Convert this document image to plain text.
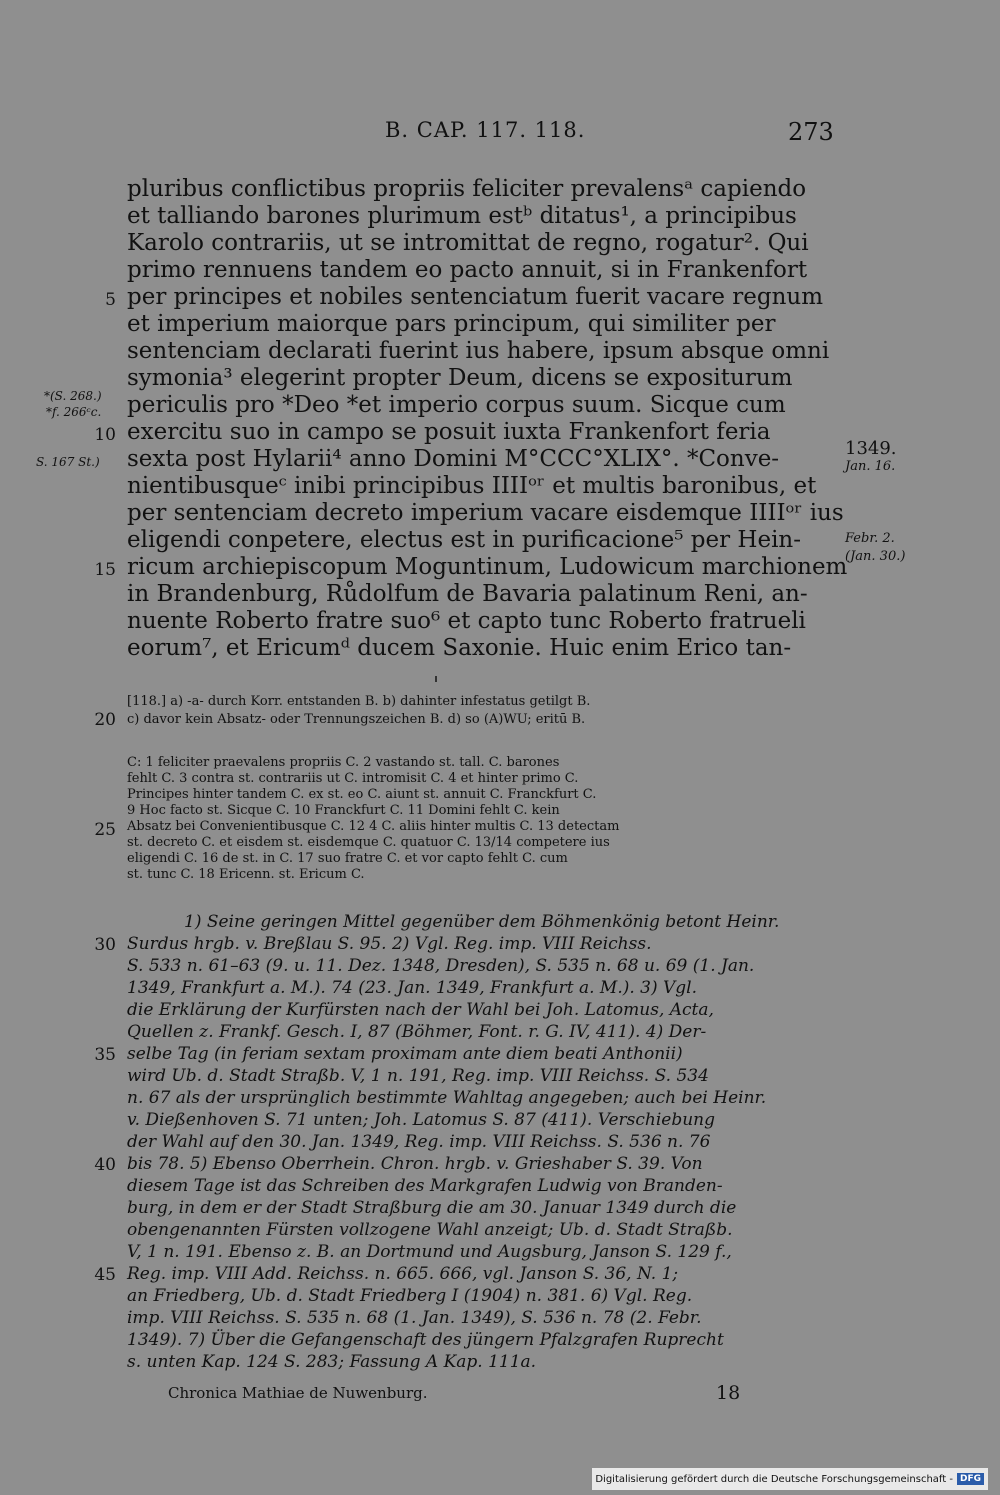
B. CAP. 117. 118.	273
pluribus conflictibus propriis feliciter prevalensᵃ capiendo
et talliando barones plurimum estᵇ ditatus¹, a principibus
Karolo contrariis, ut se intromittat de regno, rogatur². Qui
primo rennuens tandem eo pacto annuit, si in Frankenfort
per principes et nobiles sentenciatum fuerit vacare regnum
et imperium maiorque pars principum, qui similiter per
sentenciam declarati fuerint ius habere, ipsum absque omni
symonia³ elegerint propter Deum, dicens se expositurum
periculis pro *Deo *et imperio corpus suum. Sicque cum
exercitu suo in campo se posuit iuxta Frankenfort feria
sexta post Hylarii⁴ anno Domini M°CCC°XLIX°. *Conve-
nientibusqueᶜ inibi principibus IIIIᵒʳ et multis baronibus, et
per sentenciam decreto imperium vacare eisdemque IIIIᵒʳ ius
eligendi conpetere, electus est in purificacione⁵ per Hein-
ricum archiepiscopum Moguntinum, Ludowicum marchionem
in Brandenburg, Růdolfum de Bavaria palatinum Reni, an-
nuente Roberto fratre suo⁶ et capto tunc Roberto fratrueli
eorum⁷, et Ericumᵈ ducem Saxonie. Huic enim Erico tan-
5
10
15
20
25
30
35
40
45
*(S. 268.)
*f. 266ᶜc.
S. 167 St.)
1349.
Jan. 16.
Febr. 2.
(Jan. 30.)
[118.] a) -a- durch Korr. entstanden B. b) dahinter infestatus getilgt B.
c) davor kein Absatz- oder Trennungszeichen B. d) so (A)WU; eritū B.
C: 1 feliciter praevalens propriis C. 2 vastando st. tall. C. barones
fehlt C. 3 contra st. contrariis ut C. intromisit C. 4 et hinter primo C.
Principes hinter tandem C. ex st. eo C. aiunt st. annuit C. Franckfurt C.
9 Hoc facto st. Sicque C. 10 Franckfurt C. 11 Domini fehlt C. kein
Absatz bei Convenientibusque C. 12 4 C. aliis hinter multis C. 13 detectam
st. decreto C. et eisdem st. eisdemque C. quatuor C. 13/14 competere ius
eligendi C. 16 de st. in C. 17 suo fratre C. et vor capto fehlt C. cum
st. tunc C. 18 Ericenn. st. Ericum C.
1) Seine geringen Mittel gegenüber dem Böhmenkönig betont Heinr.
Surdus hrgb. v. Breßlau S. 95. 2) Vgl. Reg. imp. VIII Reichss.
S. 533 n. 61–63 (9. u. 11. Dez. 1348, Dresden), S. 535 n. 68 u. 69 (1. Jan.
1349, Frankfurt a. M.). 74 (23. Jan. 1349, Frankfurt a. M.). 3) Vgl.
die Erklärung der Kurfürsten nach der Wahl bei Joh. Latomus, Acta,
Quellen z. Frankf. Gesch. I, 87 (Böhmer, Font. r. G. IV, 411). 4) Der-
selbe Tag (in feriam sextam proximam ante diem beati Anthonii)
wird Ub. d. Stadt Straßb. V, 1 n. 191, Reg. imp. VIII Reichss. S. 534
n. 67 als der ursprünglich bestimmte Wahltag angegeben; auch bei Heinr.
v. Dießenhoven S. 71 unten; Joh. Latomus S. 87 (411). Verschiebung
der Wahl auf den 30. Jan. 1349, Reg. imp. VIII Reichss. S. 536 n. 76
bis 78. 5) Ebenso Oberrhein. Chron. hrgb. v. Grieshaber S. 39. Von
diesem Tage ist das Schreiben des Markgrafen Ludwig von Branden-
burg, in dem er der Stadt Straßburg die am 30. Januar 1349 durch die
obengenannten Fürsten vollzogene Wahl anzeigt; Ub. d. Stadt Straßb.
V, 1 n. 191. Ebenso z. B. an Dortmund und Augsburg, Janson S. 129 f.,
Reg. imp. VIII Add. Reichss. n. 665. 666, vgl. Janson S. 36, N. 1;
an Friedberg, Ub. d. Stadt Friedberg I (1904) n. 381. 6) Vgl. Reg.
imp. VIII Reichss. S. 535 n. 68 (1. Jan. 1349), S. 536 n. 78 (2. Febr.
1349). 7) Über die Gefangenschaft des jüngern Pfalzgrafen Ruprecht
s. unten Kap. 124 S. 283; Fassung A Kap. 111a.
Chronica Mathiae de Nuwenburg.	18
Digitalisierung gefördert durch die Deutsche Forschungsgemeinschaft - DFG
